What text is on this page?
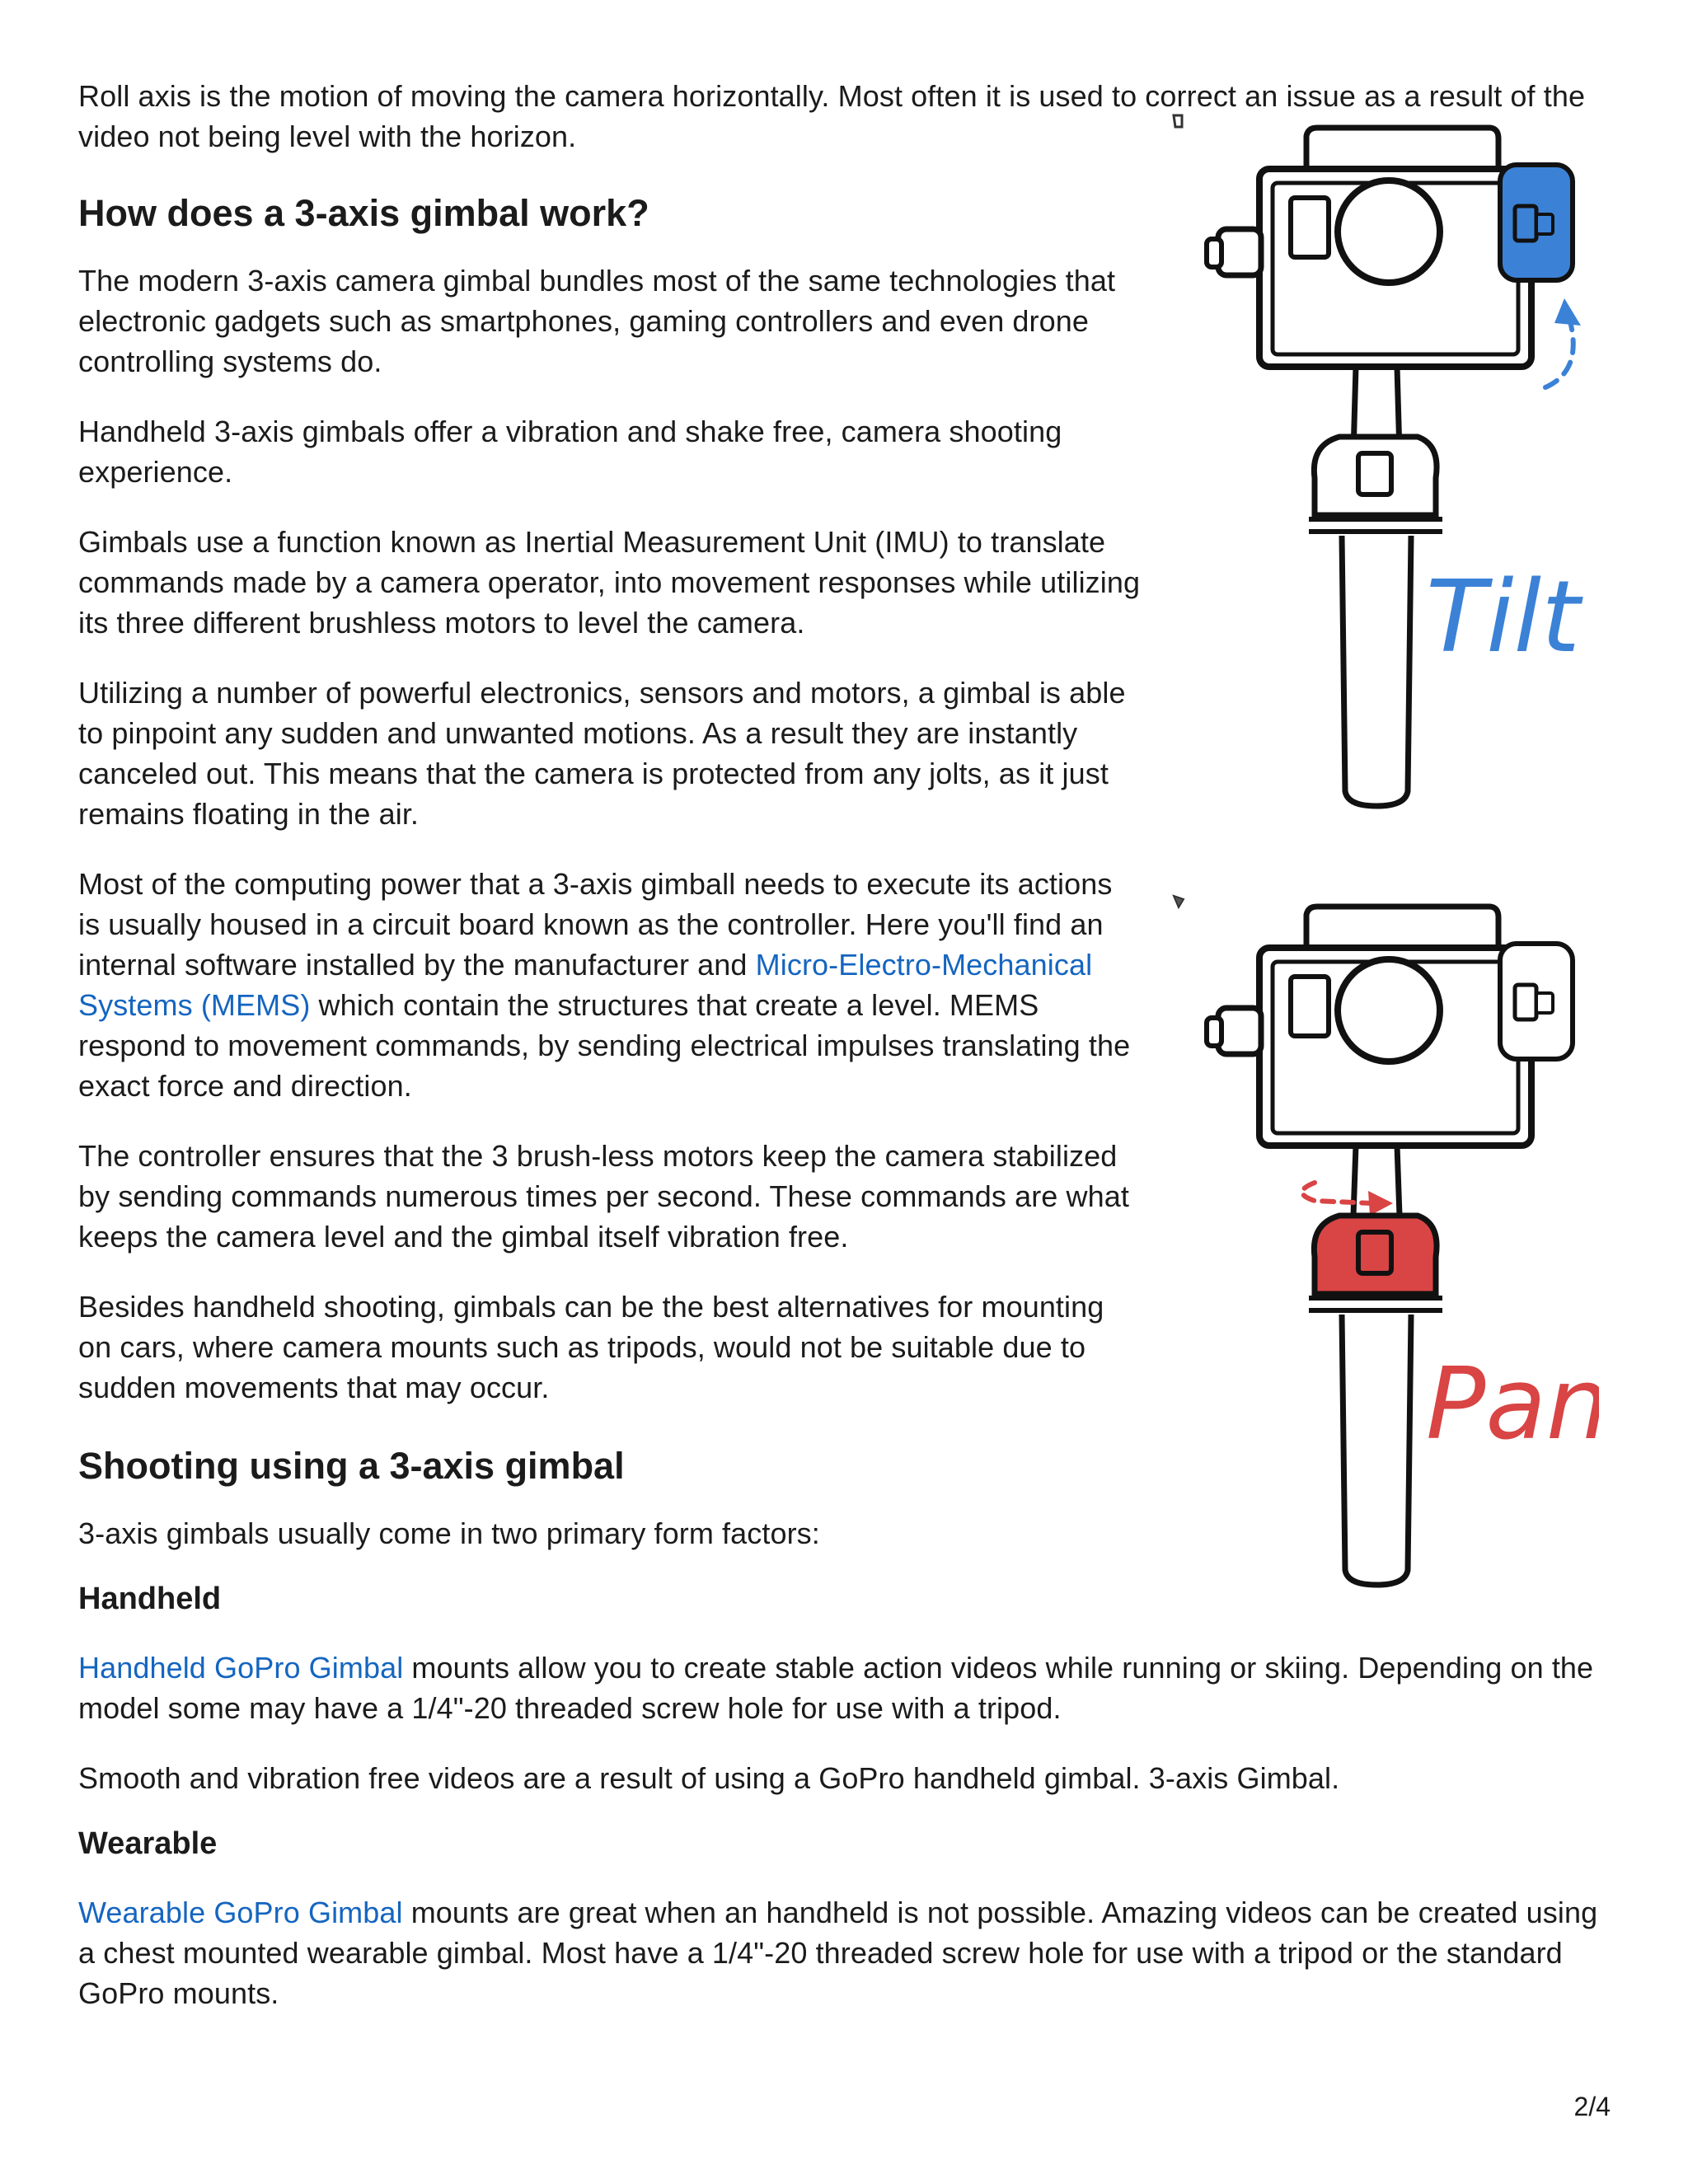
Roll axis is the motion of moving the camera horizontally. Most often it is used to correct an issue as a result of the video not being level with the horizon.

How does a 3-axis gimbal work?

The modern 3-axis camera gimbal bundles most of the same technologies that electronic gadgets such as smartphones, gaming controllers and even drone controlling systems do.

Handheld 3-axis gimbals offer a vibration and shake free, camera shooting experience.

Gimbals use a function known as Inertial Measurement Unit (IMU) to translate commands made by a camera operator, into movement responses while utilizing its three different brushless motors to level the camera.

Utilizing a number of powerful electronics, sensors and motors, a gimbal is able to pinpoint any sudden and unwanted motions. As a result they are instantly canceled out. This means that the camera is protected from any jolts, as it just remains floating in the air.

Most of the computing power that a 3-axis gimball needs to execute its actions is usually housed in a circuit board known as the controller. Here you'll find an internal software installed by the manufacturer and Micro-Electro-Mechanical Systems (MEMS) which contain the structures that create a level. MEMS respond to movement commands, by sending electrical impulses translating the exact force and direction.

The controller ensures that the 3 brush-less motors keep the camera stabilized by sending commands numerous times per second. These commands are what keeps the camera level and the gimbal itself vibration free.

Besides handheld shooting, gimbals can be the best alternatives for mounting on cars, where camera mounts such as tripods, would not be suitable due to sudden movements that may occur.

Shooting using a 3-axis gimbal

3-axis gimbals usually come in two primary form factors:

Handheld

Handheld GoPro Gimbal mounts allow you to create stable action videos while running or skiing. Depending on the model some may have a 1/4"-20 threaded screw hole for use with a tripod.

Smooth and vibration free videos are a result of using a GoPro handheld gimbal. 3-axis Gimbal.

Wearable

Wearable GoPro Gimbal mounts are great when an handheld is not possible. Amazing videos can be created using a chest mounted wearable gimbal. Most have a 1/4"-20 threaded screw hole for use with a tripod or the standard GoPro mounts.

Tilt
Pan
2/4
